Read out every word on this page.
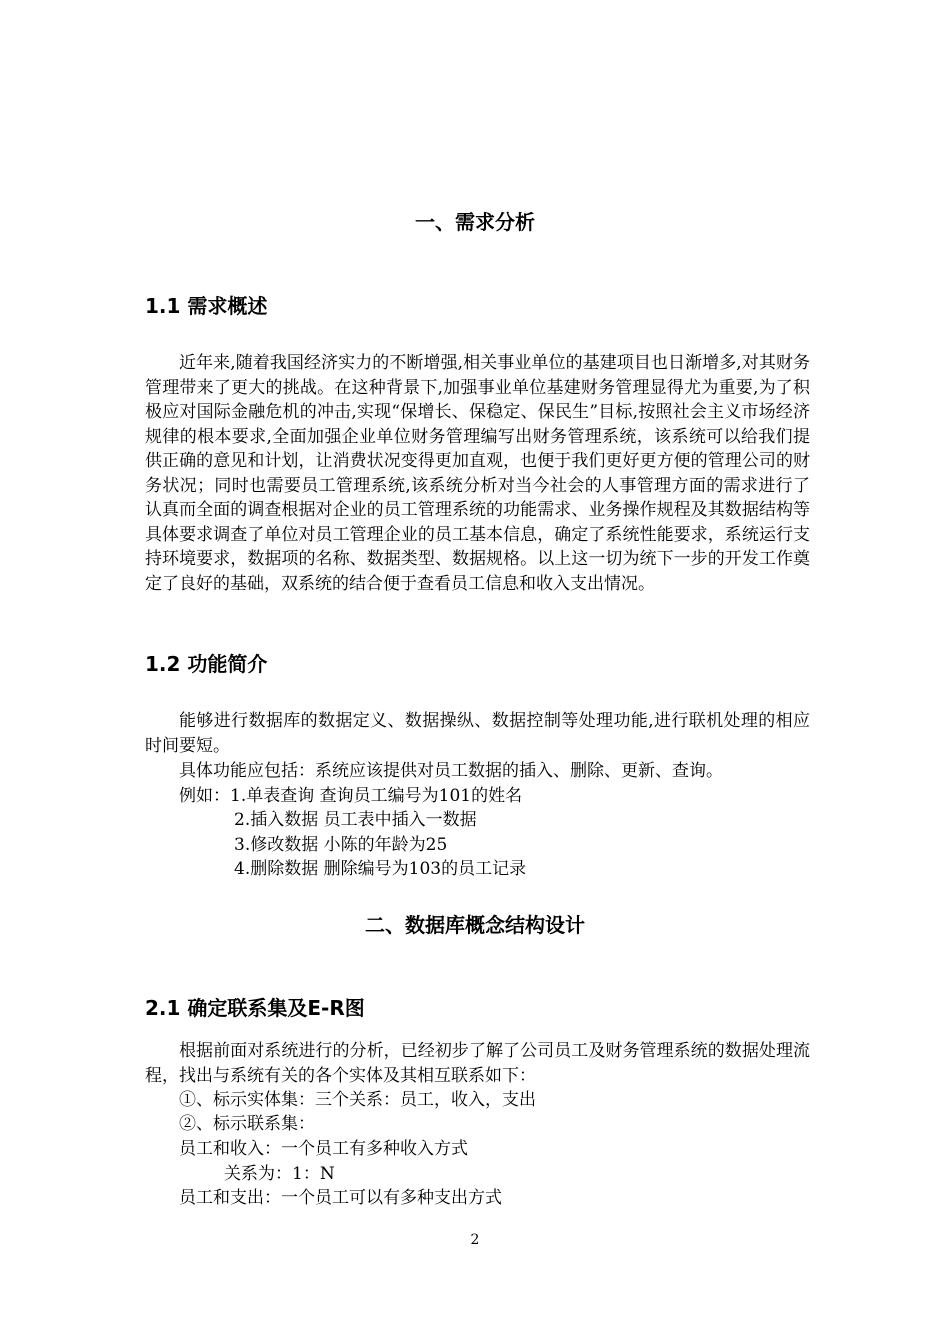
一、需求分析
1.1 需求概述

近年来,随着我国经济实力的不断增强,相关事业单位的基建项目也日渐增多,对其财务管理带来了更大的挑战。在这种背景下,加强事业单位基建财务管理显得尤为重要,为了积极应对国际金融危机的冲击,实现“保增长、保稳定、保民生”目标,按照社会主义市场经济规律的根本要求,全面加强企业单位财务管理编写出财务管理系统，该系统可以给我们提供正确的意见和计划，让消费状况变得更加直观，也便于我们更好更方便的管理公司的财务状况；同时也需要员工管理系统,该系统分析对当今社会的人事管理方面的需求进行了认真而全面的调查根据对企业的员工管理系统的功能需求、业务操作规程及其数据结构等具体要求调查了单位对员工管理企业的员工基本信息，确定了系统性能要求，系统运行支持环境要求，数据项的名称、数据类型、数据规格。以上这一切为统下一步的开发工作奠定了良好的基础，双系统的结合便于查看员工信息和收入支出情况。

1.2 功能简介

能够进行数据库的数据定义、数据操纵、数据控制等处理功能,进行联机处理的相应时间要短。

具体功能应包括：系统应该提供对员工数据的插入、删除、更新、查询。
例如：1.单表查询 查询员工编号为101的姓名
2.插入数据 员工表中插入一数据
3.修改数据 小陈的年龄为25
4.删除数据 删除编号为103的员工记录
二、数据库概念结构设计
2.1 确定联系集及E-R图

根据前面对系统进行的分析，已经初步了解了公司员工及财务管理系统的数据处理流程，找出与系统有关的各个实体及其相互联系如下：

①、标示实体集：三个关系：员工，收入，支出
②、标示联系集：
员工和收入：一个员工有多种收入方式
关系为：1：N
员工和支出：一个员工可以有多种支出方式
2
